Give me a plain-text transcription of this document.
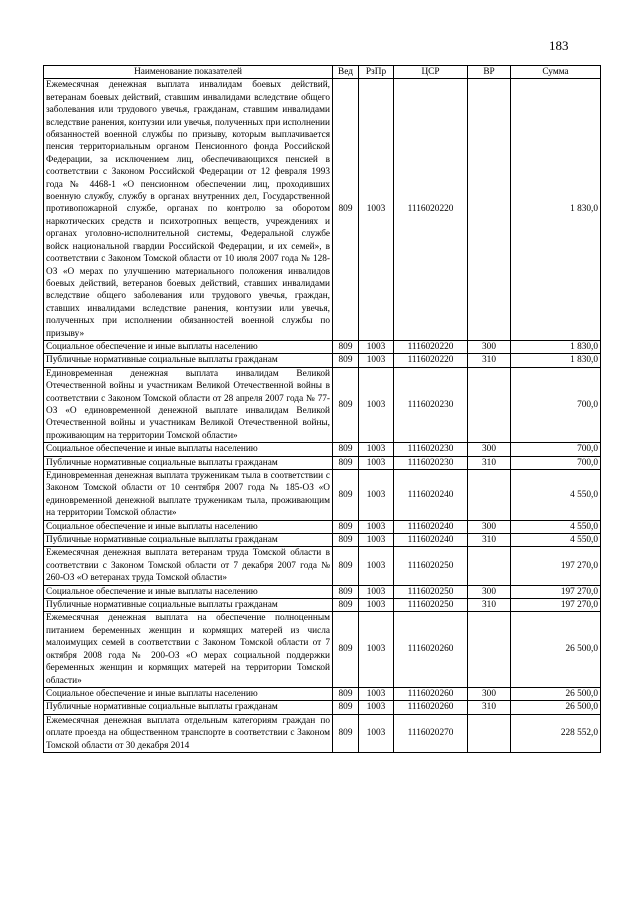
183
Наименование показателей	Вед	РзПр	ЦСР	ВР	Сумма
Ежемесячная денежная выплата инвалидам боевых действий, ветеранам боевых действий, ставшим инвалидами вследствие общего заболевания или трудового увечья, гражданам, ставшим инвалидами вследствие ранения, контузии или увечья, полученных при исполнении обязанностей военной службы по призыву, которым выплачивается пенсия территориальным органом Пенсионного фонда Российской Федерации, за исключением лиц, обеспечивающихся пенсией в соответствии с Законом Российской Федерации от 12 февраля 1993 года № 4468-1 «О пенсионном обеспечении лиц, проходивших военную службу, службу в органах внутренних дел, Государственной противопожарной службе, органах по контролю за оборотом наркотических средств и психотропных веществ, учреждениях и органах уголовно-исполнительной системы, Федеральной службе войск национальной гвардии Российской Федерации, и их семей», в соответствии с Законом Томской области от 10 июля 2007 года № 128-ОЗ «О мерах по улучшению материального положения инвалидов боевых действий, ветеранов боевых действий, ставших инвалидами вследствие общего заболевания или трудового увечья, граждан, ставших инвалидами вследствие ранения, контузии или увечья, полученных при исполнении обязанностей военной службы по призыву»	809	1003	1116020220		1 830,0
Социальное обеспечение и иные выплаты населению	809	1003	1116020220	300	1 830,0
Публичные нормативные социальные выплаты гражданам	809	1003	1116020220	310	1 830,0
Единовременная денежная выплата инвалидам Великой Отечественной войны и участникам Великой Отечественной войны в соответствии с Законом Томской области от 28 апреля 2007 года № 77-ОЗ «О единовременной денежной выплате инвалидам Великой Отечественной войны и участникам Великой Отечественной войны, проживающим на территории Томской области»	809	1003	1116020230		700,0
Социальное обеспечение и иные выплаты населению	809	1003	1116020230	300	700,0
Публичные нормативные социальные выплаты гражданам	809	1003	1116020230	310	700,0
Единовременная денежная выплата труженикам тыла в соответствии с Законом Томской области от 10 сентября 2007 года № 185-ОЗ «О единовременной денежной выплате труженикам тыла, проживающим на территории Томской области»	809	1003	1116020240		4 550,0
Социальное обеспечение и иные выплаты населению	809	1003	1116020240	300	4 550,0
Публичные нормативные социальные выплаты гражданам	809	1003	1116020240	310	4 550,0
Ежемесячная денежная выплата ветеранам труда Томской области в соответствии с Законом Томской области от 7 декабря 2007 года № 260-ОЗ «О ветеранах труда Томской области»	809	1003	1116020250		197 270,0
Социальное обеспечение и иные выплаты населению	809	1003	1116020250	300	197 270,0
Публичные нормативные социальные выплаты гражданам	809	1003	1116020250	310	197 270,0
Ежемесячная денежная выплата на обеспечение полноценным питанием беременных женщин и кормящих матерей из числа малоимущих семей в соответствии с Законом Томской области от 7 октября 2008 года № 200-ОЗ «О мерах социальной поддержки беременных женщин и кормящих матерей на территории Томской области»	809	1003	1116020260		26 500,0
Социальное обеспечение и иные выплаты населению	809	1003	1116020260	300	26 500,0
Публичные нормативные социальные выплаты гражданам	809	1003	1116020260	310	26 500,0
Ежемесячная денежная выплата отдельным категориям граждан по оплате проезда на общественном транспорте в соответствии с Законом Томской области от 30 декабря 2014	809	1003	1116020270		228 552,0
